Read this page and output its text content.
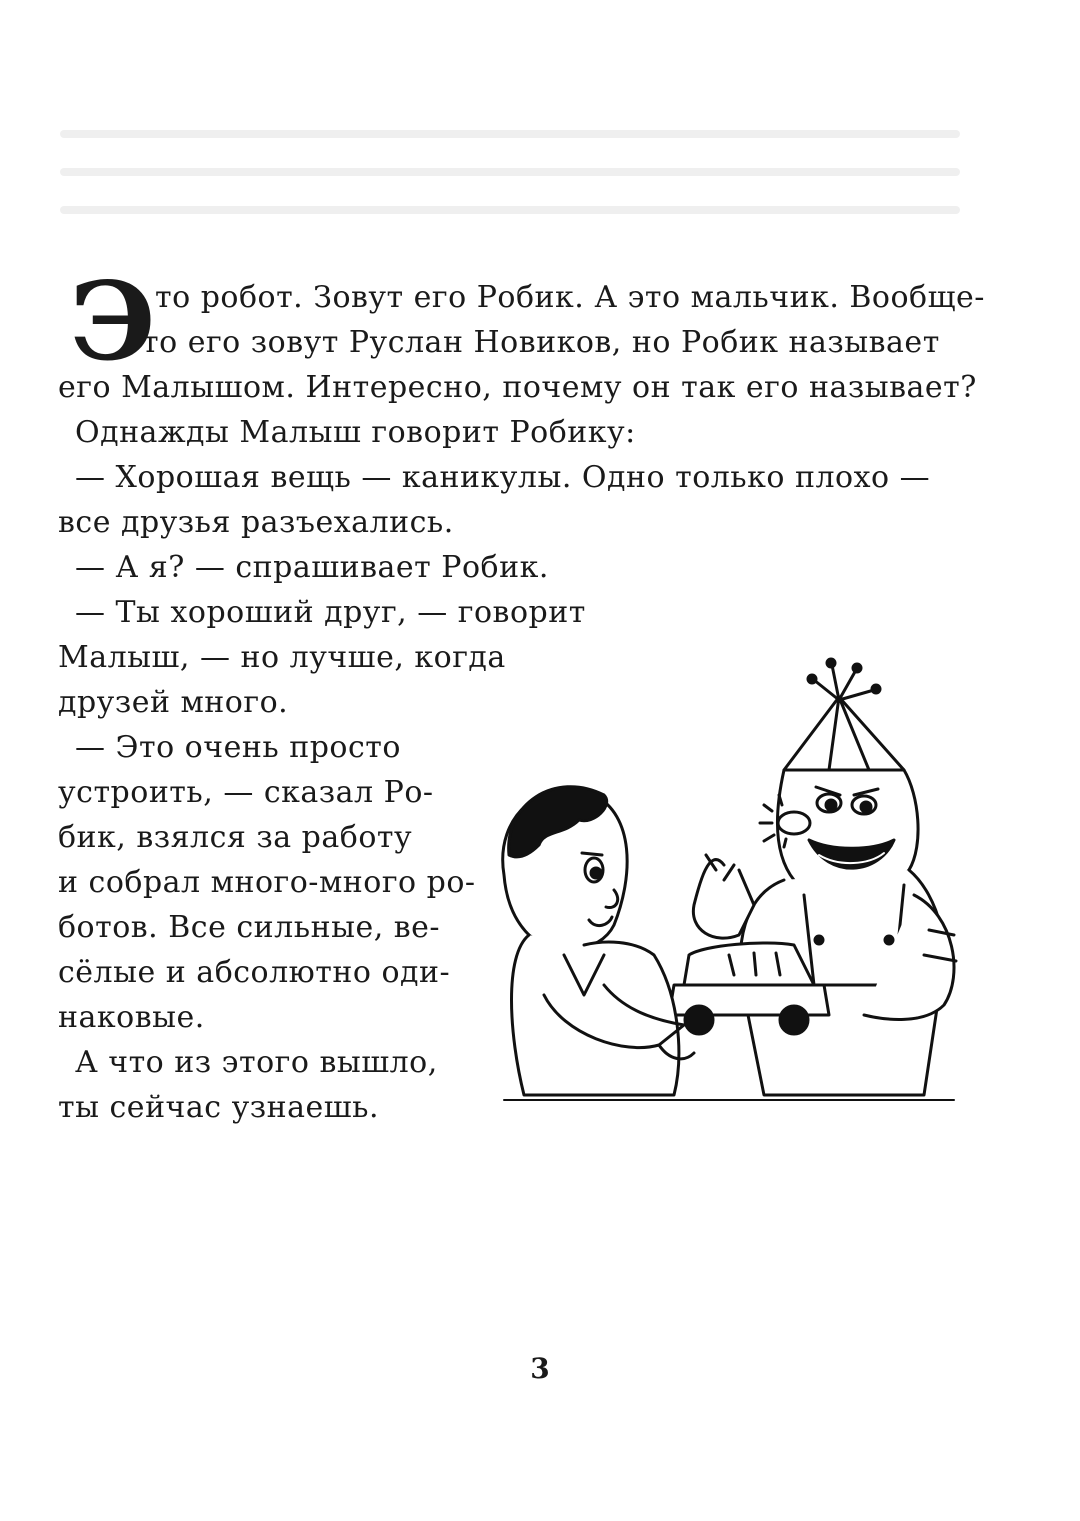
Э то робот. Зовут его Робик. А это мальчик. Вообще-
то его зовут Руслан Новиков, но Робик называет
его Малышом. Интересно, почему он так его называет?
Однажды Малыш говорит Робику:
— Хорошая вещь — каникулы. Одно только плохо —
все друзья разъехались.
— А я? — спрашивает Робик.
— Ты хороший друг, — говорит
Малыш, — но лучше, когда
друзей много.
— Это очень просто
устроить, — сказал Ро-
бик, взялся за работу
и собрал много-много ро-
ботов. Все сильные, ве-
сёлые и абсолютно оди-
наковые.
А что из этого вышло,
ты сейчас узнаешь.
3
